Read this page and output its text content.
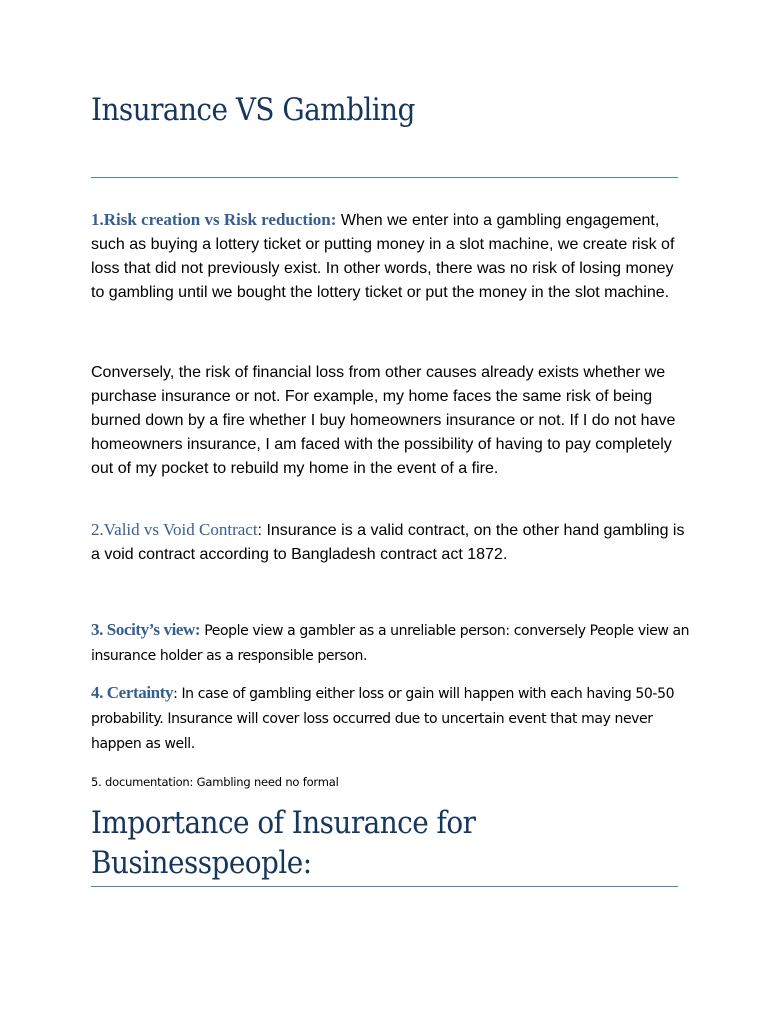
Insurance VS Gambling
1.Risk creation vs Risk reduction: When we enter into a gambling engagement, such as buying a lottery ticket or putting money in a slot machine, we create risk of loss that did not previously exist. In other words, there was no risk of losing money to gambling until we bought the lottery ticket or put the money in the slot machine.
Conversely, the risk of financial loss from other causes already exists whether we purchase insurance or not. For example, my home faces the same risk of being burned down by a fire whether I buy homeowners insurance or not. If I do not have homeowners insurance, I am faced with the possibility of having to pay completely out of my pocket to rebuild my home in the event of a fire.
2.Valid vs Void Contract: Insurance is a valid contract, on the other hand gambling is a void contract according to Bangladesh contract act 1872.
3. Socity’s view: People view a gambler as a unreliable person: conversely People view an insurance holder as a responsible person.
4. Certainty: In case of gambling either loss or gain will happen with each having 50-50 probability. Insurance will cover loss occurred due to uncertain event that may never happen as well.
5. documentation: Gambling need no formal
Importance of Insurance for Businesspeople:
